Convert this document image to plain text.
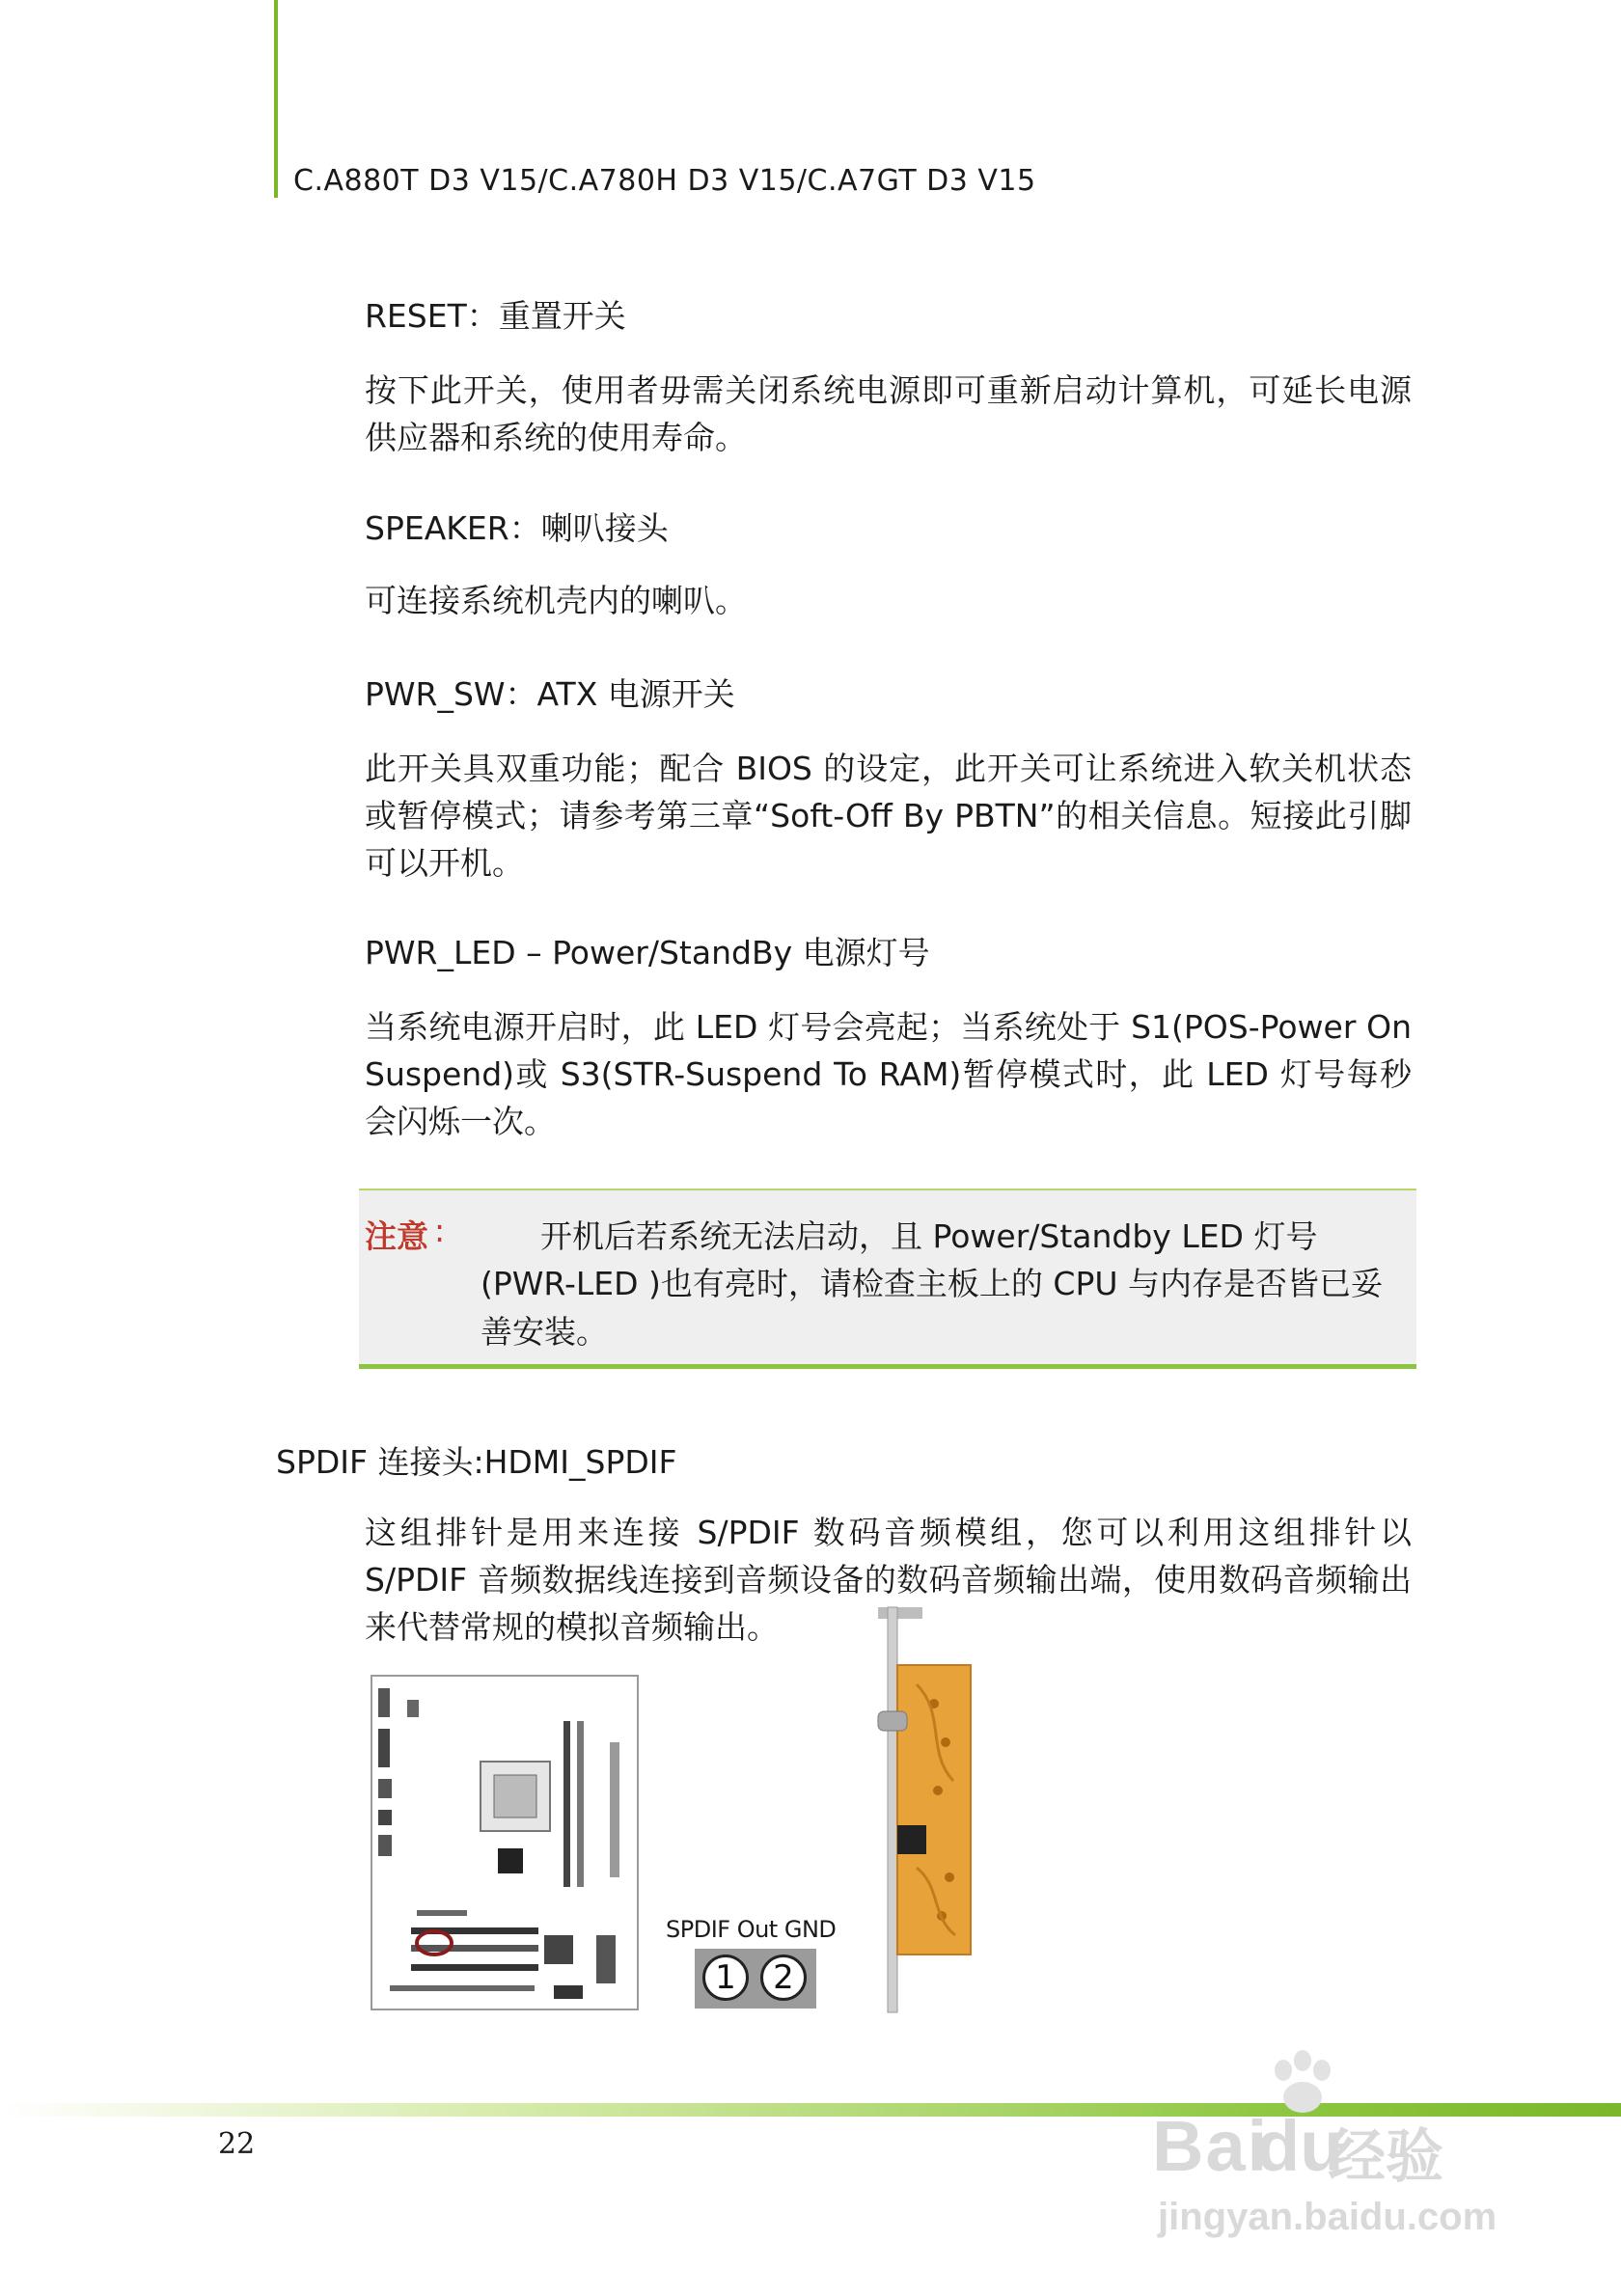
C.A880T D3 V15/C.A780H D3 V15/C.A7GT D3 V15
RESET：重置开关
按下此开关，使用者毋需关闭系统电源即可重新启动计算机，可延长电源供应器和系统的使用寿命。
SPEAKER：喇叭接头
可连接系统机壳内的喇叭。
PWR_SW：ATX 电源开关
此开关具双重功能；配合 BIOS 的设定，此开关可让系统进入软关机状态或暂停模式；请参考第三章“Soft-Off By PBTN”的相关信息。短接此引脚可以开机。
PWR_LED – Power/StandBy 电源灯号
当系统电源开启时，此 LED 灯号会亮起；当系统处于 S1(POS-Power On Suspend)或 S3(STR-Suspend To RAM)暂停模式时，此 LED 灯号每秒会闪烁一次。
注意 :	开机后若系统无法启动，且 Power/Standby LED 灯号
(PWR-LED )也有亮时，请检查主板上的 CPU 与内存是否皆已妥善安装。
SPDIF 连接头:HDMI_SPDIF
这组排针是用来连接 S/PDIF 数码音频模组，您可以利用这组排针以S/PDIF 音频数据线连接到音频设备的数码音频输出端，使用数码音频输出来代替常规的模拟音频输出。
SPDIF Out GND
1	2
22	Bai
du
经验
jingyan.baidu.com
